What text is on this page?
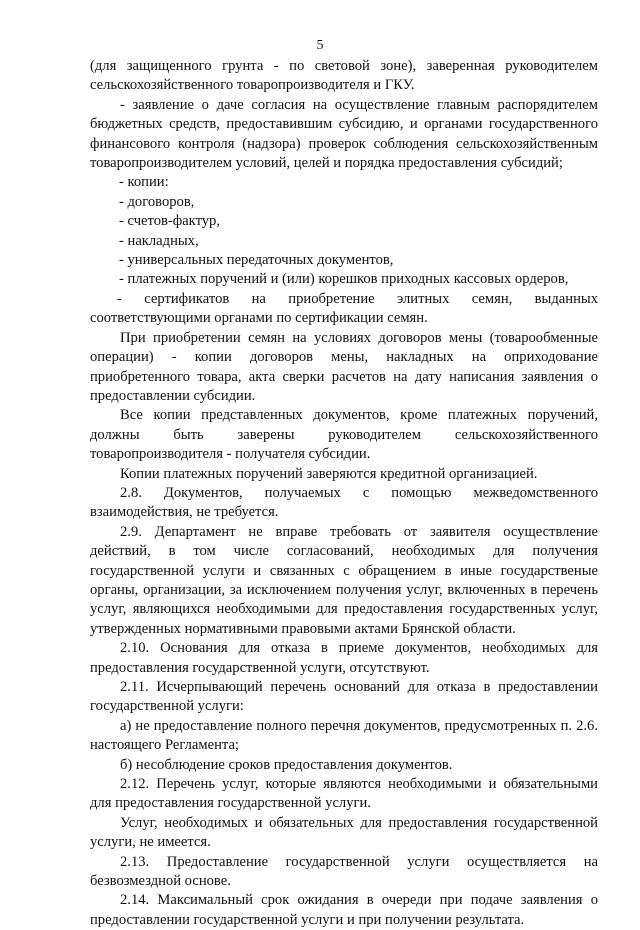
5

(для защищенного грунта - по световой зоне), заверенная руководителем сельскохозяйственного товаропроизводителя и ГКУ.

- заявление о даче согласия на осуществление главным распорядителем бюджетных средств, предоставившим субсидию, и органами государственного финансового контроля (надзора) проверок соблюдения сельскохозяйственным товаропроизводителем условий, целей и порядка предоставления субсидий;

- копии:

- договоров,

- счетов-фактур,

- накладных,

- универсальных передаточных документов,

- платежных поручений и (или) корешков приходных кассовых ордеров,

- сертификатов на приобретение элитных семян, выданных соответствующими органами по сертификации семян.

При приобретении семян на условиях договоров мены (товарообменные операции) - копии договоров мены, накладных на оприходование приобретенного товара, акта сверки расчетов на дату написания заявления о предоставлении субсидии.

Все копии представленных документов, кроме платежных поручений, должны быть заверены руководителем сельскохозяйственного товаропроизводителя - получателя субсидии.

Копии платежных поручений заверяются кредитной организацией.

2.8. Документов, получаемых с помощью межведомственного взаимодействия, не требуется.

2.9. Департамент не вправе требовать от заявителя осуществление действий, в том числе согласований, необходимых для получения государственной услуги и связанных с обращением в иные государственые органы, организации, за исключением получения услуг, включенных в перечень услуг, являющихся необходимыми для предоставления государственных услуг, утвержденных нормативными правовыми актами Брянской области.

2.10. Основания для отказа в приеме документов, необходимых для предоставления государственной услуги, отсутствуют.

2.11. Исчерпывающий перечень оснований для отказа в предоставлении государственной услуги:

а) не предоставление полного перечня документов, предусмотренных п. 2.6. настоящего Регламента;

б) несоблюдение сроков предоставления документов.

2.12. Перечень услуг, которые являются необходимыми и обязательными для предоставления государственной услуги.

Услуг, необходимых и обязательных для предоставления государственной услуги, не имеется.

2.13. Предоставление государственной услуги осуществляется на безвозмездной основе.

2.14. Максимальный срок ожидания в очереди при подаче заявления о предоставлении государственной услуги и при получении результата.
